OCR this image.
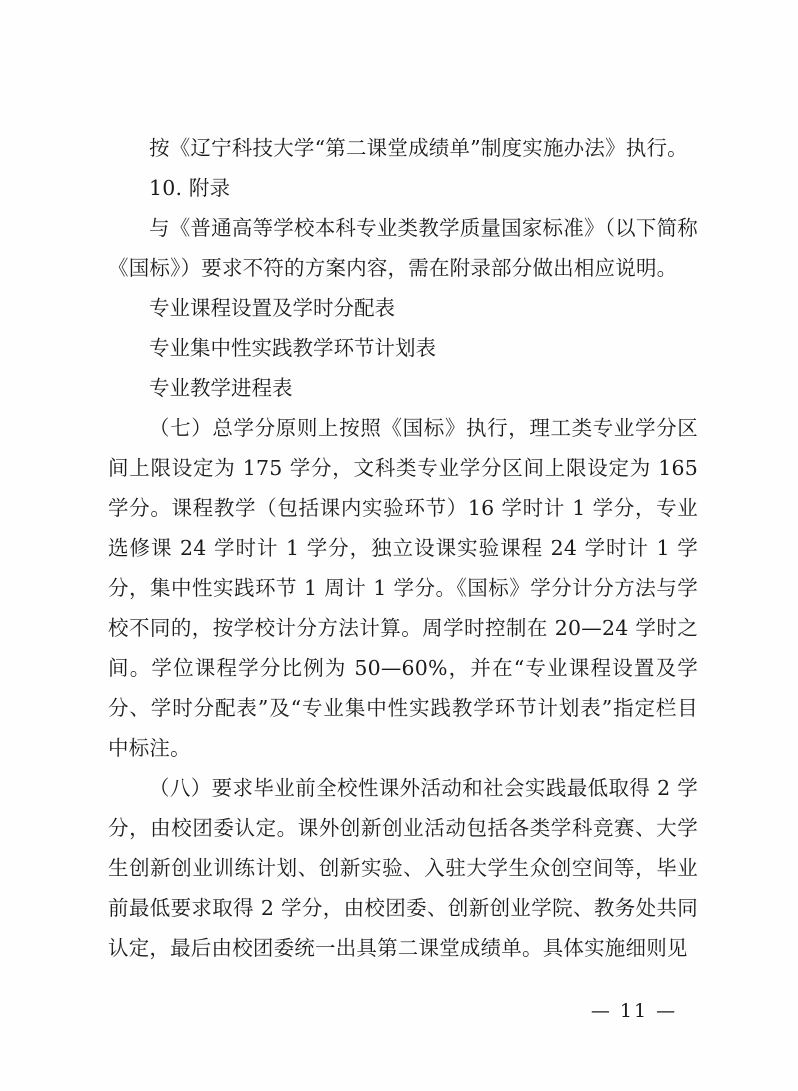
按《辽宁科技大学“第二课堂成绩单”制度实施办法》执行。

10. 附录

与《普通高等学校本科专业类教学质量国家标准》（以下简称《国标》）要求不符的方案内容，需在附录部分做出相应说明。

专业课程设置及学时分配表

专业集中性实践教学环节计划表

专业教学进程表

（七）总学分原则上按照《国标》执行，理工类专业学分区间上限设定为 175 学分，文科类专业学分区间上限设定为 165 学分。课程教学（包括课内实验环节）16 学时计 1 学分，专业选修课 24 学时计 1 学分，独立设课实验课程 24 学时计 1 学分，集中性实践环节 1 周计 1 学分。《国标》学分计分方法与学校不同的，按学校计分方法计算。周学时控制在 20—24 学时之间。学位课程学分比例为 50—60%，并在“专业课程设置及学分、学时分配表”及“专业集中性实践教学环节计划表”指定栏目中标注。

（八）要求毕业前全校性课外活动和社会实践最低取得 2 学分，由校团委认定。课外创新创业活动包括各类学科竞赛、大学生创新创业训练计划、创新实验、入驻大学生众创空间等，毕业前最低要求取得 2 学分，由校团委、创新创业学院、教务处共同认定，最后由校团委统一出具第二课堂成绩单。具体实施细则见

— 11 —
